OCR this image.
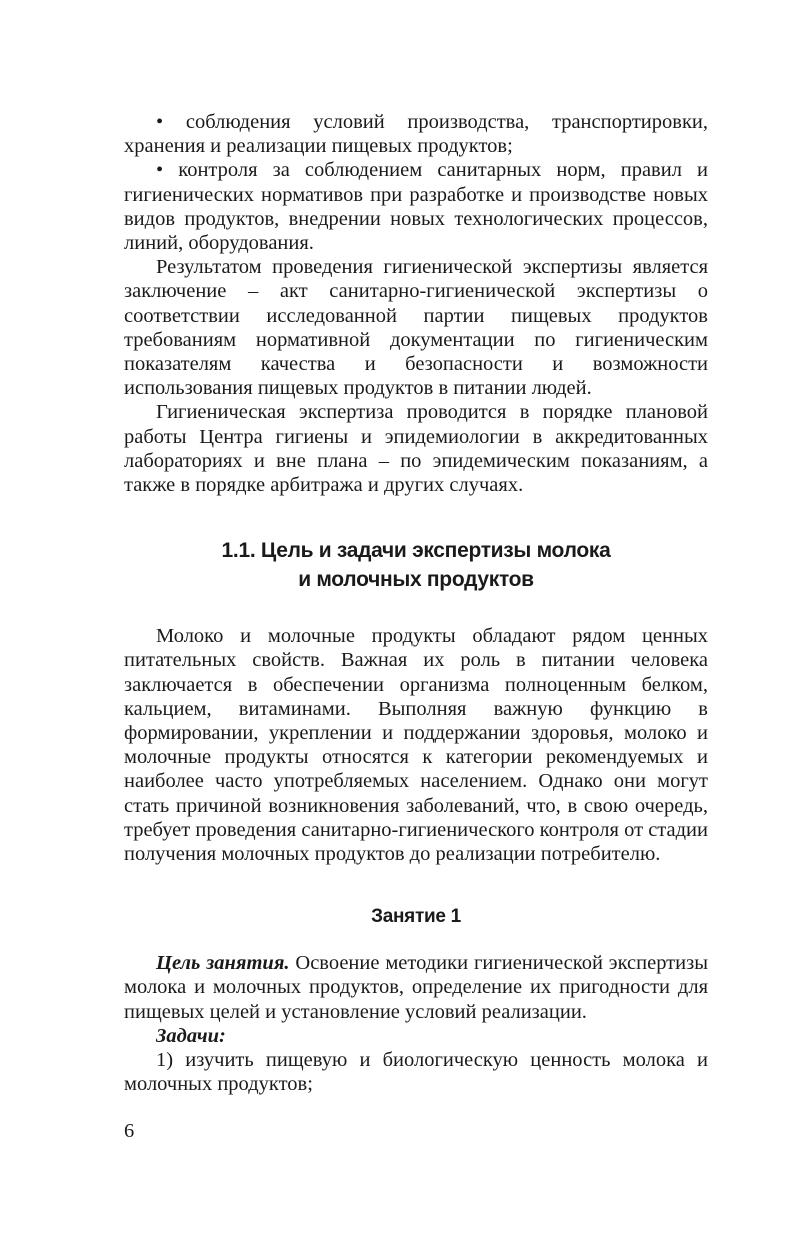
• соблюдения условий производства, транспортировки, хранения и реализации пищевых продуктов;

• контроля за соблюдением санитарных норм, правил и гигиенических нормативов при разработке и производстве новых видов продуктов, внедрении новых технологических процессов, линий, оборудования.

Результатом проведения гигиенической экспертизы является заключение – акт санитарно-гигиенической экспертизы о соответствии исследованной партии пищевых продуктов требованиям нормативной документации по гигиеническим показателям качества и безопасности и возможности использования пищевых продуктов в питании людей.

Гигиеническая экспертиза проводится в порядке плановой работы Центра гигиены и эпидемиологии в аккредитованных лабораториях и вне плана – по эпидемическим показаниям, а также в порядке арбитража и других случаях.

1.1. Цель и задачи экспертизы молока
и молочных продуктов

Молоко и молочные продукты обладают рядом ценных питательных свойств. Важная их роль в питании человека заключается в обеспечении организма полноценным белком, кальцием, витаминами. Выполняя важную функцию в формировании, укреплении и поддержании здоровья, молоко и молочные продукты относятся к категории рекомендуемых и наиболее часто употребляемых населением. Однако они могут стать причиной возникновения заболеваний, что, в свою очередь, требует проведения санитарно-гигиенического контроля от стадии получения молочных продуктов до реализации потребителю.

Занятие 1

Цель занятия. Освоение методики гигиенической экспертизы молока и молочных продуктов, определение их пригодности для пищевых целей и установление условий реализации.

Задачи:

1) изучить пищевую и биологическую ценность молока и молочных продуктов;

6
